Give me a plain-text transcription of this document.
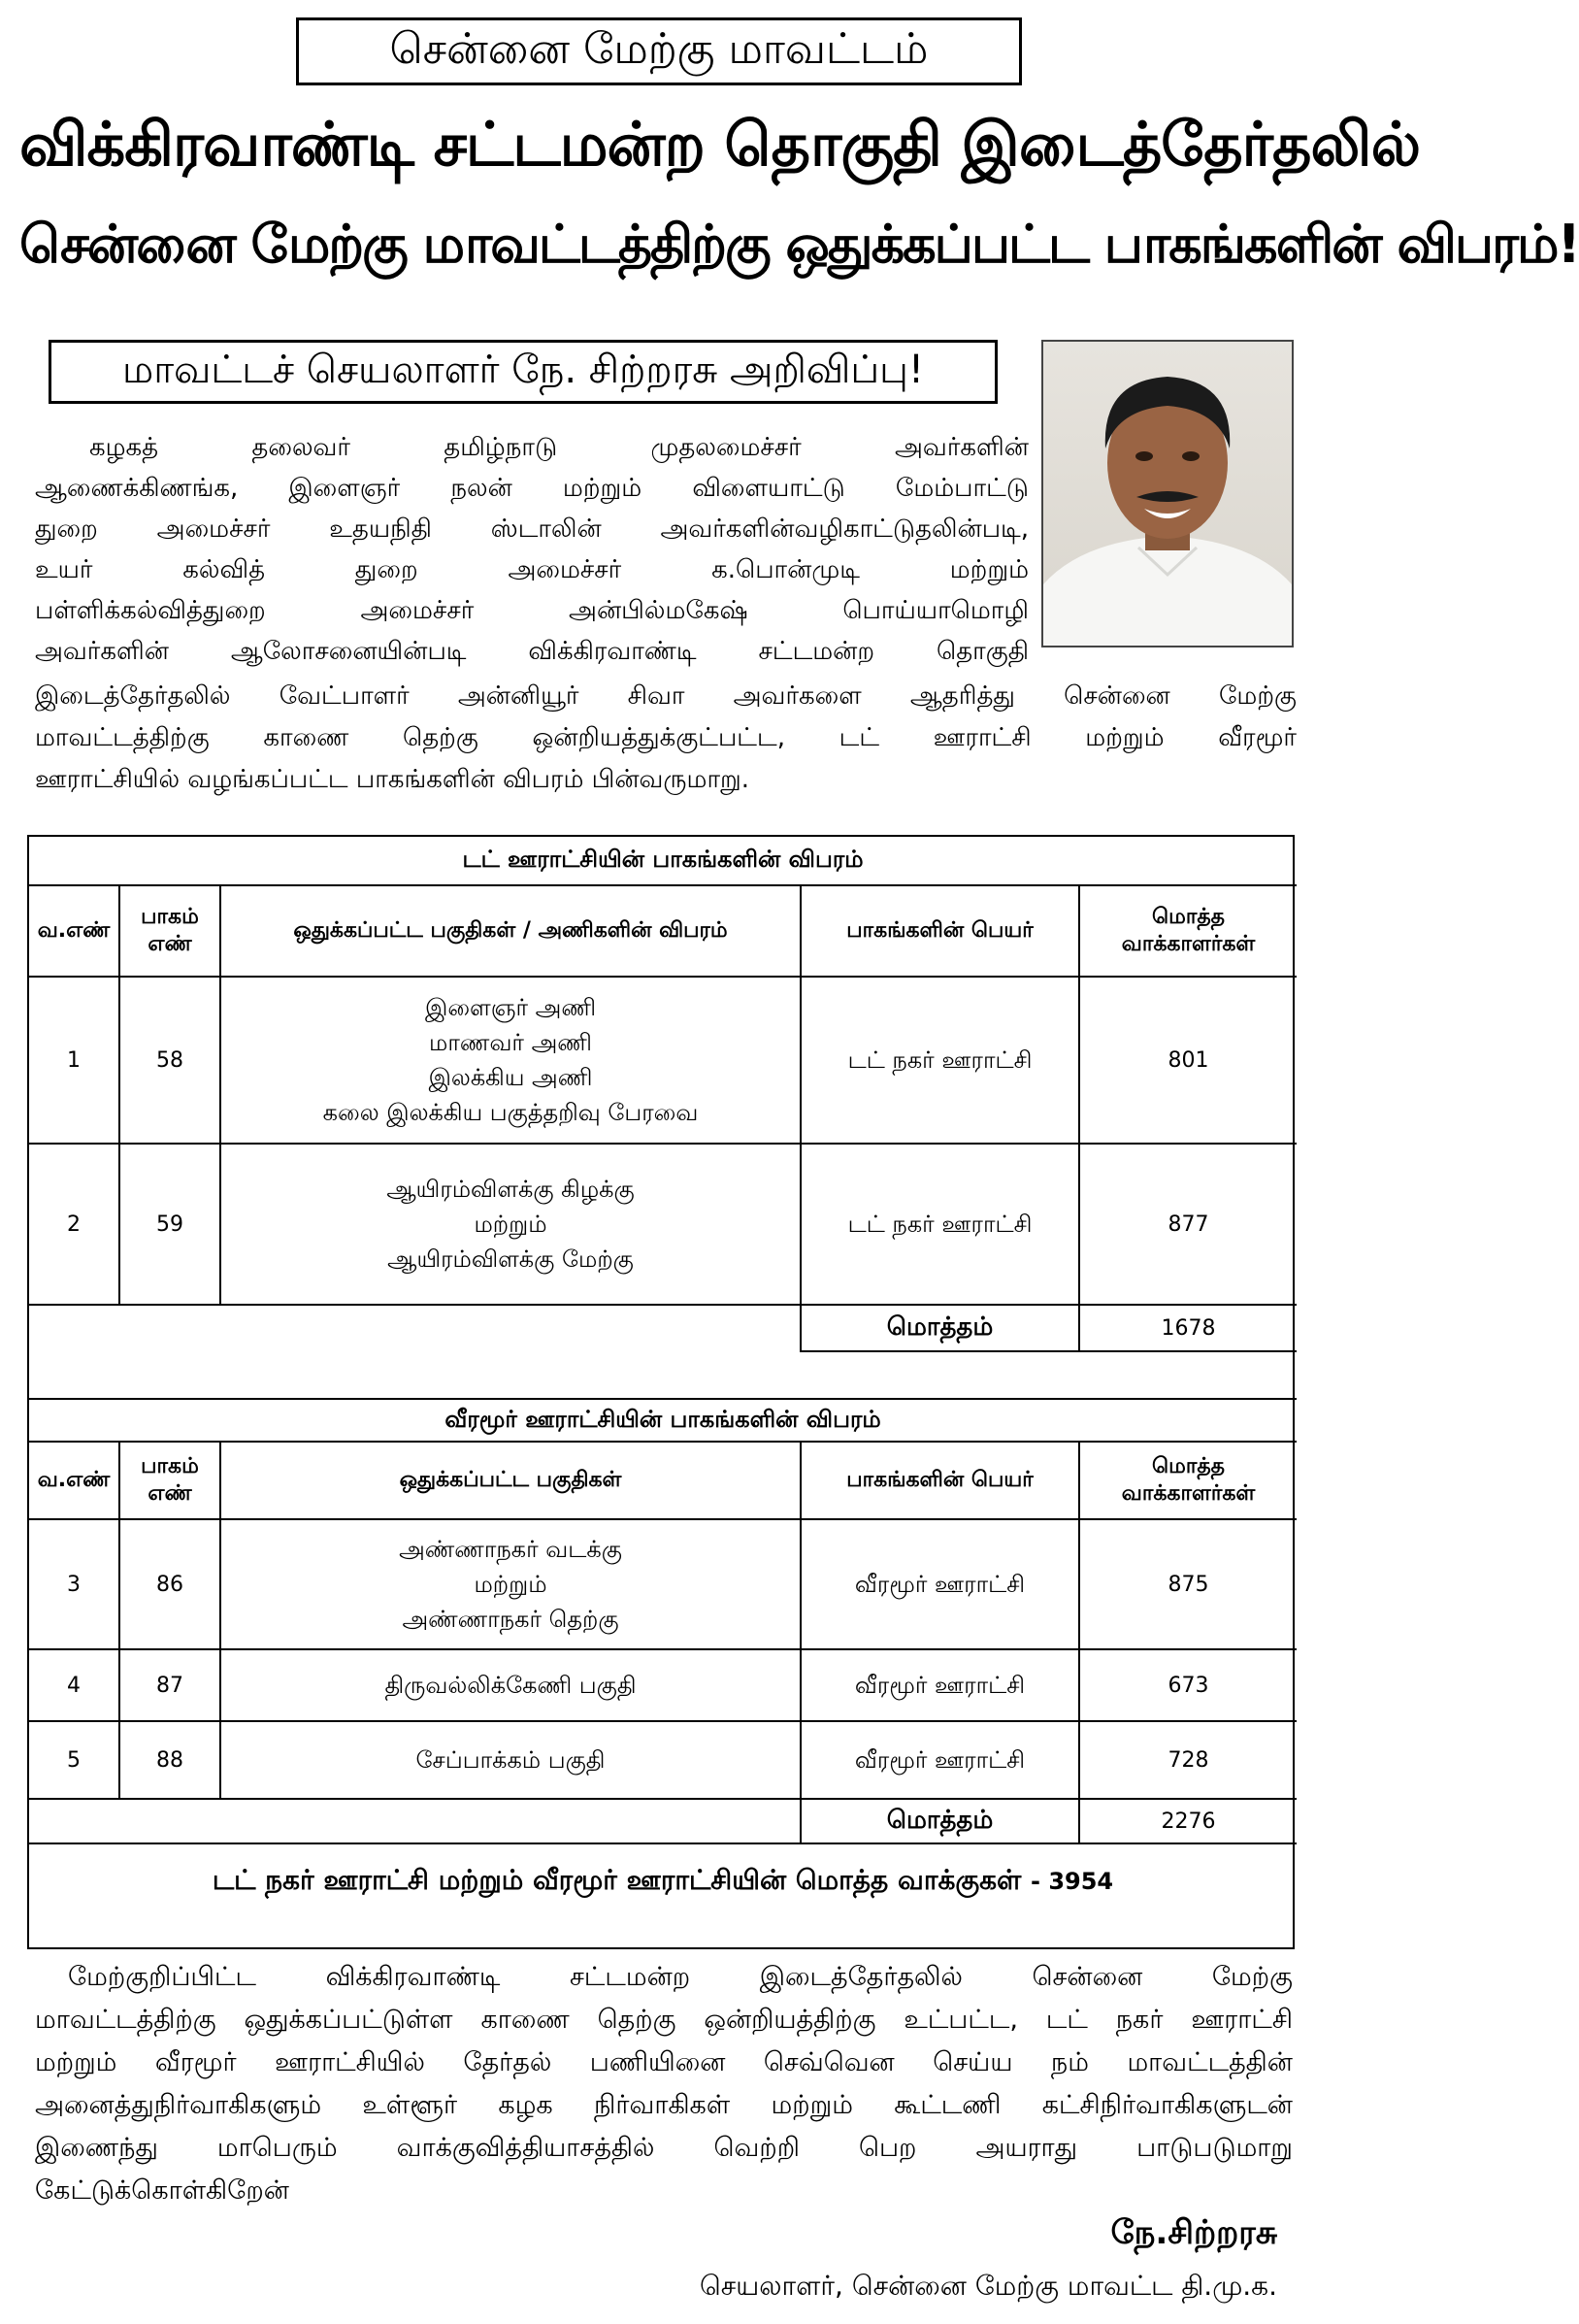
சென்னை மேற்கு மாவட்டம்
விக்கிரவாண்டி சட்டமன்ற தொகுதி இடைத்தேர்தலில்
சென்னை மேற்கு மாவட்டத்திற்கு ஒதுக்கப்பட்ட பாகங்களின் விபரம்!
மாவட்டச் செயலாளர் நே. சிற்றரசு அறிவிப்பு!
கழகத் தலைவர் தமிழ்நாடு முதலமைச்சர் அவர்களின்
ஆணைக்கிணங்க, இளைஞர் நலன் மற்றும் விளையாட்டு மேம்பாட்டு
துறை அமைச்சர் உதயநிதி ஸ்டாலின் அவர்களின்வழிகாட்டுதலின்படி,
உயர் கல்வித் துறை அமைச்சர் க.பொன்முடி மற்றும்
பள்ளிக்கல்வித்துறை அமைச்சர் அன்பில்மகேஷ் பொய்யாமொழி
அவர்களின் ஆலோசனையின்படி விக்கிரவாண்டி சட்டமன்ற தொகுதி
இடைத்தேர்தலில் வேட்பாளர் அன்னியூர் சிவா அவர்களை ஆதரித்து சென்னை மேற்கு
மாவட்டத்திற்கு காணை தெற்கு ஒன்றியத்துக்குட்பட்ட, டட் ஊராட்சி மற்றும் வீரமூர்
ஊராட்சியில் வழங்கப்பட்ட பாகங்களின் விபரம் பின்வருமாறு.
டட் ஊராட்சியின் பாகங்களின் விபரம்				
வ.எண்	பாகம் எண்	ஒதுக்கப்பட்ட பகுதிகள் / அணிகளின் விபரம்	பாகங்களின் பெயர்	மொத்த வாக்காளர்கள்
1	58	இளைஞர் அணி
மாணவர் அணி
இலக்கிய அணி
கலை இலக்கிய பகுத்தறிவு பேரவை	டட் நகர் ஊராட்சி	801
2	59	ஆயிரம்விளக்கு கிழக்கு
மற்றும்
ஆயிரம்விளக்கு மேற்கு	டட் நகர் ஊராட்சி	877
			மொத்தம்	1678
வீரமூர் ஊராட்சியின் பாகங்களின் விபரம்				
வ.எண்	பாகம் எண்	ஒதுக்கப்பட்ட பகுதிகள்	பாகங்களின் பெயர்	மொத்த வாக்காளர்கள்
3	86	அண்ணாநகர் வடக்கு
மற்றும்
அண்ணாநகர் தெற்கு	வீரமூர் ஊராட்சி	875
4	87	திருவல்லிக்கேணி பகுதி	வீரமூர் ஊராட்சி	673
5	88	சேப்பாக்கம் பகுதி	வீரமூர் ஊராட்சி	728
			மொத்தம்	2276
டட் நகர் ஊராட்சி மற்றும் வீரமூர் ஊராட்சியின் மொத்த வாக்குகள் - 3954
மேற்குறிப்பிட்ட விக்கிரவாண்டி சட்டமன்ற இடைத்தேர்தலில் சென்னை மேற்கு
மாவட்டத்திற்கு ஒதுக்கப்பட்டுள்ள காணை தெற்கு ஒன்றியத்திற்கு உட்பட்ட, டட் நகர் ஊராட்சி
மற்றும் வீரமூர் ஊராட்சியில் தேர்தல் பணியினை செவ்வென செய்ய நம் மாவட்டத்தின்
அனைத்துநிர்வாகிகளும் உள்ளூர் கழக நிர்வாகிகள் மற்றும் கூட்டணி கட்சிநிர்வாகிகளுடன்
இணைந்து மாபெரும் வாக்குவித்தியாசத்தில் வெற்றி பெற அயராது பாடுபடுமாறு
கேட்டுக்கொள்கிறேன்
நே.சிற்றரசு
செயலாளர், சென்னை மேற்கு மாவட்ட தி.மு.க.
